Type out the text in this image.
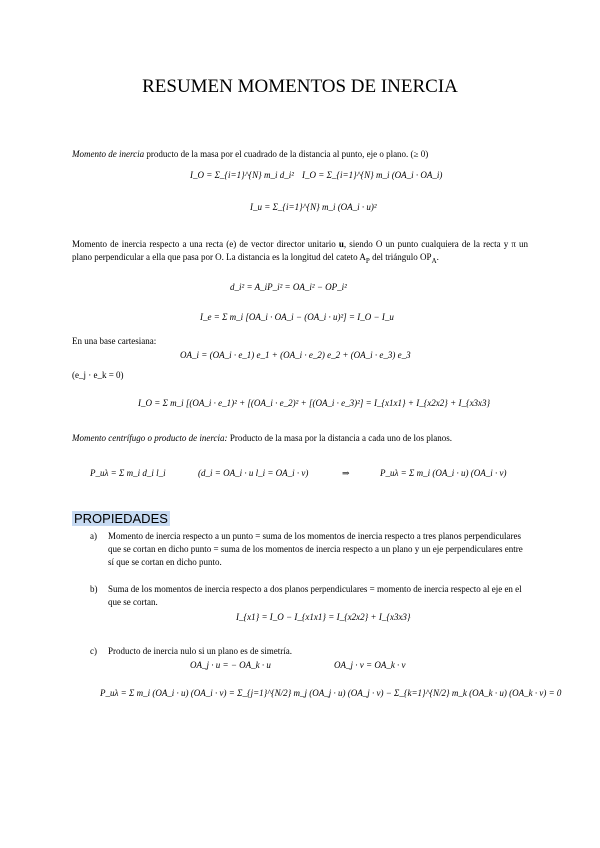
RESUMEN MOMENTOS DE INERCIA
Momento de inercia producto de la masa por el cuadrado de la distancia al punto, eje o plano. (≥ 0)
I_O = Σ_{i=1}^{N} m_i d_i² I_O = Σ_{i=1}^{N} m_i (OA_i · OA_i)
I_u = Σ_{i=1}^{N} m_i (OA_i · u)²
Momento de inercia respecto a una recta (e) de vector director unitario u, siendo O un punto cualquiera de la recta y π un plano perpendicular a ella que pasa por O. La distancia es la longitud del cateto $A_P$ del triángulo $OP_A$.
d_i² = A_iP_i² = OA_i² − OP_i²
I_e = Σ m_i [OA_i · OA_i − (OA_i · u)²] = I_O − I_u
En una base cartesiana:
OA_i = (OA_i · e_1) e_1 + (OA_i · e_2) e_2 + (OA_i · e_3) e_3
(e_j · e_k = 0)
I_O = Σ m_i [(OA_i · e_1)² + [(OA_i · e_2)² + [(OA_i · e_3)²] = I_{x1x1} + I_{x2x2} + I_{x3x3}
Momento centrífugo o producto de inercia: Producto de la masa por la distancia a cada uno de los planos.
P_uλ = Σ m_i d_i l_i	(d_i = OA_i · u l_i = OA_i · v)	⇒	P_uλ = Σ m_i (OA_i · u) (OA_i · v)
PROPIEDADES
a) Momento de inercia respecto a un punto = suma de los momentos de inercia respecto a tres planos perpendiculares que se cortan en dicho punto = suma de los momentos de inercia respecto a un plano y un eje perpendiculares entre sí que se cortan en dicho punto.
b) Suma de los momentos de inercia respecto a dos planos perpendiculares = momento de inercia respecto al eje en el que se cortan.
I_{x1} = I_O − I_{x1x1} = I_{x2x2} + I_{x3x3}
c) Producto de inercia nulo si un plano es de simetría.
OA_j · u = − OA_k · u	OA_j · v = OA_k · v
P_uλ = Σ m_i (OA_i · u) (OA_i · v) = Σ_{j=1}^{N/2} m_j (OA_j · u) (OA_j · v) − Σ_{k=1}^{N/2} m_k (OA_k · u) (OA_k · v) = 0
